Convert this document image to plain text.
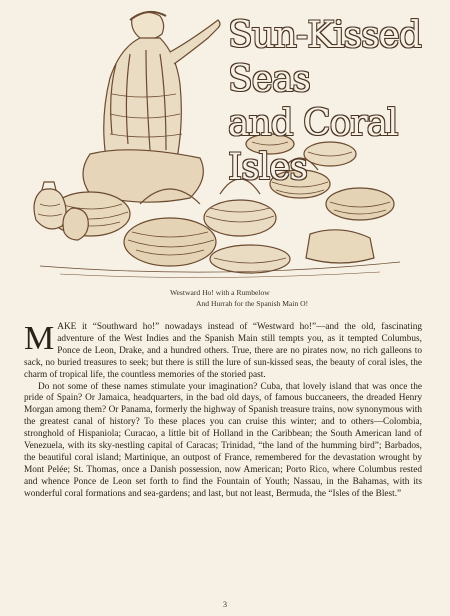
Sun-Kissed Seas
and Coral Isles
Westward Ho! with a Rumbelow
And Hurrah for the Spanish Main O!

MAKE it “Southward ho!” nowadays instead of “Westward ho!”—and the old, fascinating adventure of the West Indies and the Spanish Main still tempts you, as it tempted Columbus, Ponce de Leon, Drake, and a hundred others. True, there are no pirates now, no rich galleons to sack, no buried treasures to seek; but there is still the lure of sun-kissed seas, the beauty of coral isles, the charm of tropical life, the countless memories of the storied past.

Do not some of these names stimulate your imagination? Cuba, that lovely island that was once the pride of Spain? Or Jamaica, headquarters, in the bad old days, of famous buccaneers, the dreaded Henry Morgan among them? Or Panama, formerly the highway of Spanish treasure trains, now synonymous with the greatest canal of history? To these places you can cruise this winter; and to others—Colombia, stronghold of Hispaniola; Curacao, a little bit of Holland in the Caribbean; the South American land of Venezuela, with its sky-nestling capital of Caracas; Trinidad, “the land of the humming bird”; Barbados, the beautiful coral island; Martinique, an outpost of France, remembered for the devastation wrought by Mont Pelée; St. Thomas, once a Danish possession, now American; Porto Rico, where Columbus rested and whence Ponce de Leon set forth to find the Fountain of Youth; Nassau, in the Bahamas, with its wonderful coral formations and sea-gardens; and last, but not least, Bermuda, the “Isles of the Blest.”

3
